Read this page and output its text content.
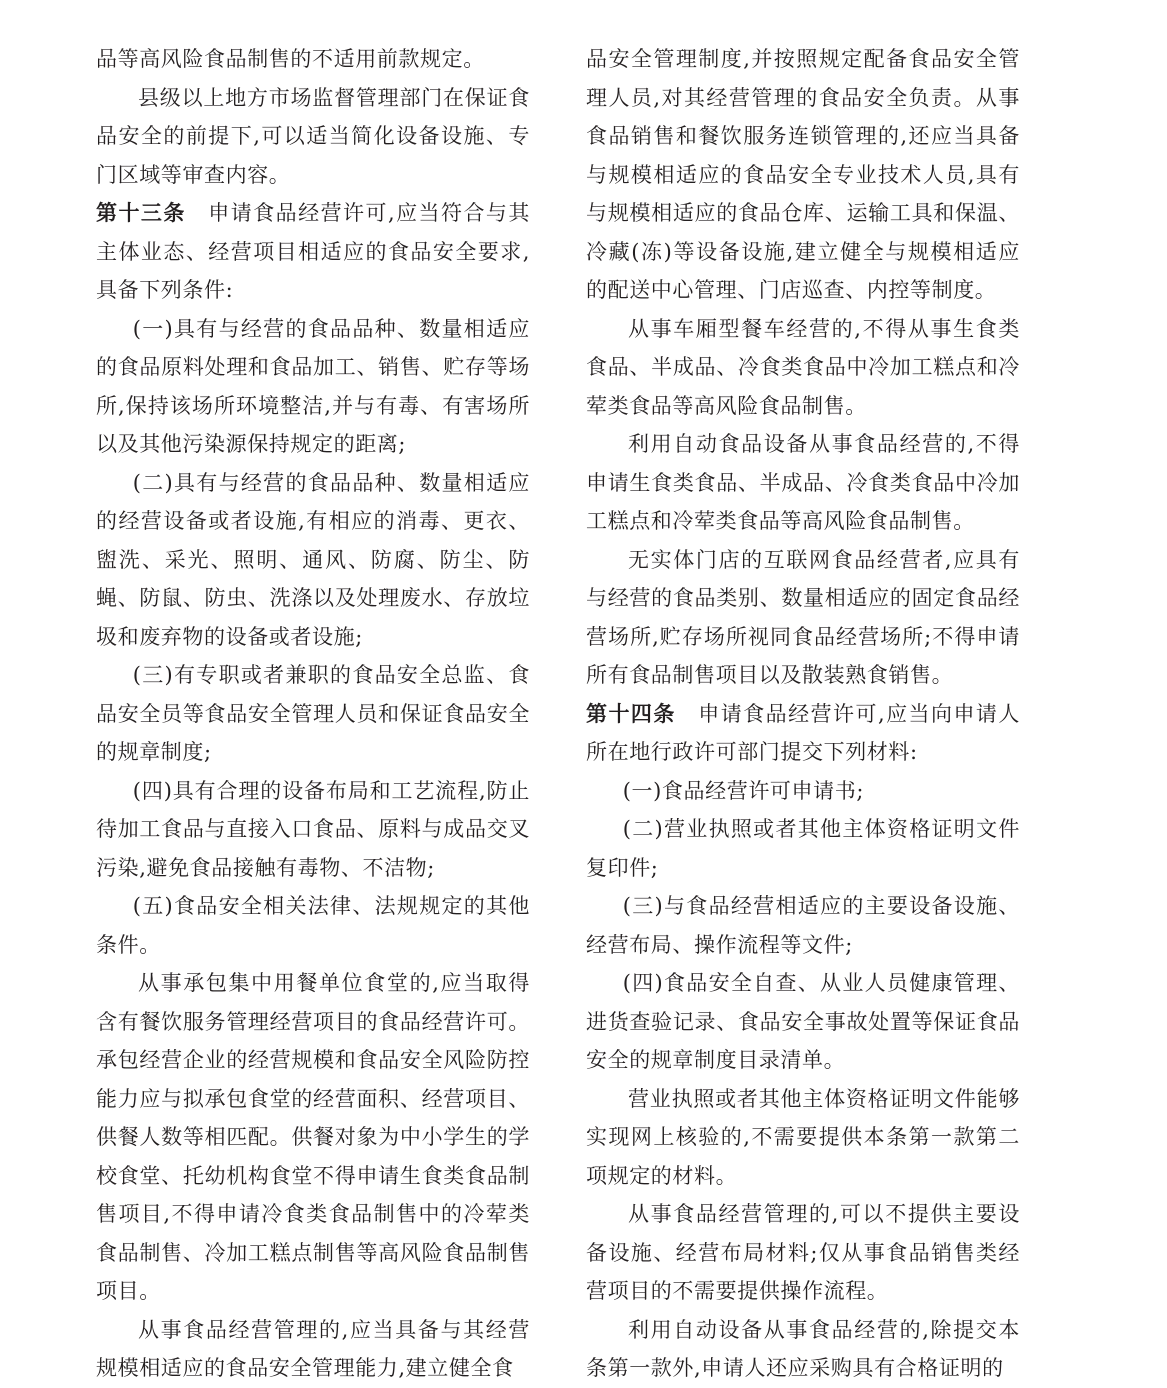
品等高风险食品制售的不适用前款规定。

县级以上地方市场监督管理部门在保证食品安全的前提下,可以适当简化设备设施、专门区域等审查内容。

第十三条　申请食品经营许可,应当符合与其主体业态、经营项目相适应的食品安全要求,具备下列条件:

(一)具有与经营的食品品种、数量相适应的食品原料处理和食品加工、销售、贮存等场所,保持该场所环境整洁,并与有毒、有害场所以及其他污染源保持规定的距离;

(二)具有与经营的食品品种、数量相适应的经营设备或者设施,有相应的消毒、更衣、盥洗、采光、照明、通风、防腐、防尘、防蝇、防鼠、防虫、洗涤以及处理废水、存放垃圾和废弃物的设备或者设施;

(三)有专职或者兼职的食品安全总监、食品安全员等食品安全管理人员和保证食品安全的规章制度;

(四)具有合理的设备布局和工艺流程,防止待加工食品与直接入口食品、原料与成品交叉污染,避免食品接触有毒物、不洁物;

(五)食品安全相关法律、法规规定的其他条件。

从事承包集中用餐单位食堂的,应当取得含有餐饮服务管理经营项目的食品经营许可。承包经营企业的经营规模和食品安全风险防控能力应与拟承包食堂的经营面积、经营项目、供餐人数等相匹配。供餐对象为中小学生的学校食堂、托幼机构食堂不得申请生食类食品制售项目,不得申请冷食类食品制售中的冷荤类食品制售、冷加工糕点制售等高风险食品制售项目。

从事食品经营管理的,应当具备与其经营规模相适应的食品安全管理能力,建立健全食

品安全管理制度,并按照规定配备食品安全管理人员,对其经营管理的食品安全负责。从事食品销售和餐饮服务连锁管理的,还应当具备与规模相适应的食品安全专业技术人员,具有与规模相适应的食品仓库、运输工具和保温、冷藏(冻)等设备设施,建立健全与规模相适应的配送中心管理、门店巡查、内控等制度。

从事车厢型餐车经营的,不得从事生食类食品、半成品、冷食类食品中冷加工糕点和冷荤类食品等高风险食品制售。

利用自动食品设备从事食品经营的,不得申请生食类食品、半成品、冷食类食品中冷加工糕点和冷荤类食品等高风险食品制售。

无实体门店的互联网食品经营者,应具有与经营的食品类别、数量相适应的固定食品经营场所,贮存场所视同食品经营场所;不得申请所有食品制售项目以及散装熟食销售。

第十四条　申请食品经营许可,应当向申请人所在地行政许可部门提交下列材料:

(一)食品经营许可申请书;

(二)营业执照或者其他主体资格证明文件复印件;

(三)与食品经营相适应的主要设备设施、经营布局、操作流程等文件;

(四)食品安全自查、从业人员健康管理、进货查验记录、食品安全事故处置等保证食品安全的规章制度目录清单。

营业执照或者其他主体资格证明文件能够实现网上核验的,不需要提供本条第一款第二项规定的材料。

从事食品经营管理的,可以不提供主要设备设施、经营布局材料;仅从事食品销售类经营项目的不需要提供操作流程。

利用自动设备从事食品经营的,除提交本条第一款外,申请人还应采购具有合格证明的
